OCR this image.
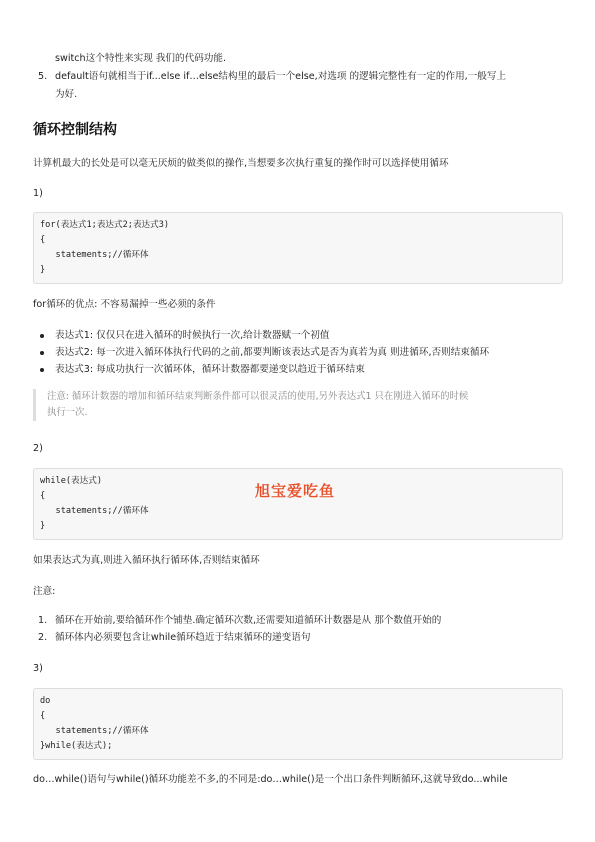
switch这个特性来实现 我们的代码功能.
5. default语句就相当于if...else if…else结构里的最后一个else,对选项 的逻辑完整性有一定的作用,一般写上
为好.
循环控制结构
计算机最大的长处是可以毫无厌烦的做类似的操作,当想要多次执行重复的操作时可以选择使用循环
1)
for(表达式1;表达式2;表达式3)
{
statements;//循环体
}
for循环的优点: 不容易漏掉一些必须的条件
表达式1: 仅仅只在进入循环的时候执行一次,给计数器赋一个初值
表达式2: 每一次进入循环体执行代码的之前,都要判断该表达式是否为真若为真 则进循环,否则结束循环
表达式3: 每成功执行一次循环体，循环计数器都要递变以趋近于循环结束
注意: 循环计数器的增加和循环结束判断条件都可以很灵活的使用,另外表达式1 只在刚进入循环的时候
执行一次.
2)
while(表达式)
{
statements;//循环体
}
旭宝爱吃鱼
如果表达式为真,则进入循环执行循环体,否则结束循环
注意:
1. 循环在开始前,要给循环作个铺垫.确定循环次数,还需要知道循环计数器是从 那个数值开始的
2. 循环体内必须要包含让while循环趋近于结束循环的递变语句
3)
do
{
statements;//循环体
}while(表达式);
do…while()语句与while()循环功能差不多,的不同是:do…while()是一个出口条件判断循环,这就导致do...while
